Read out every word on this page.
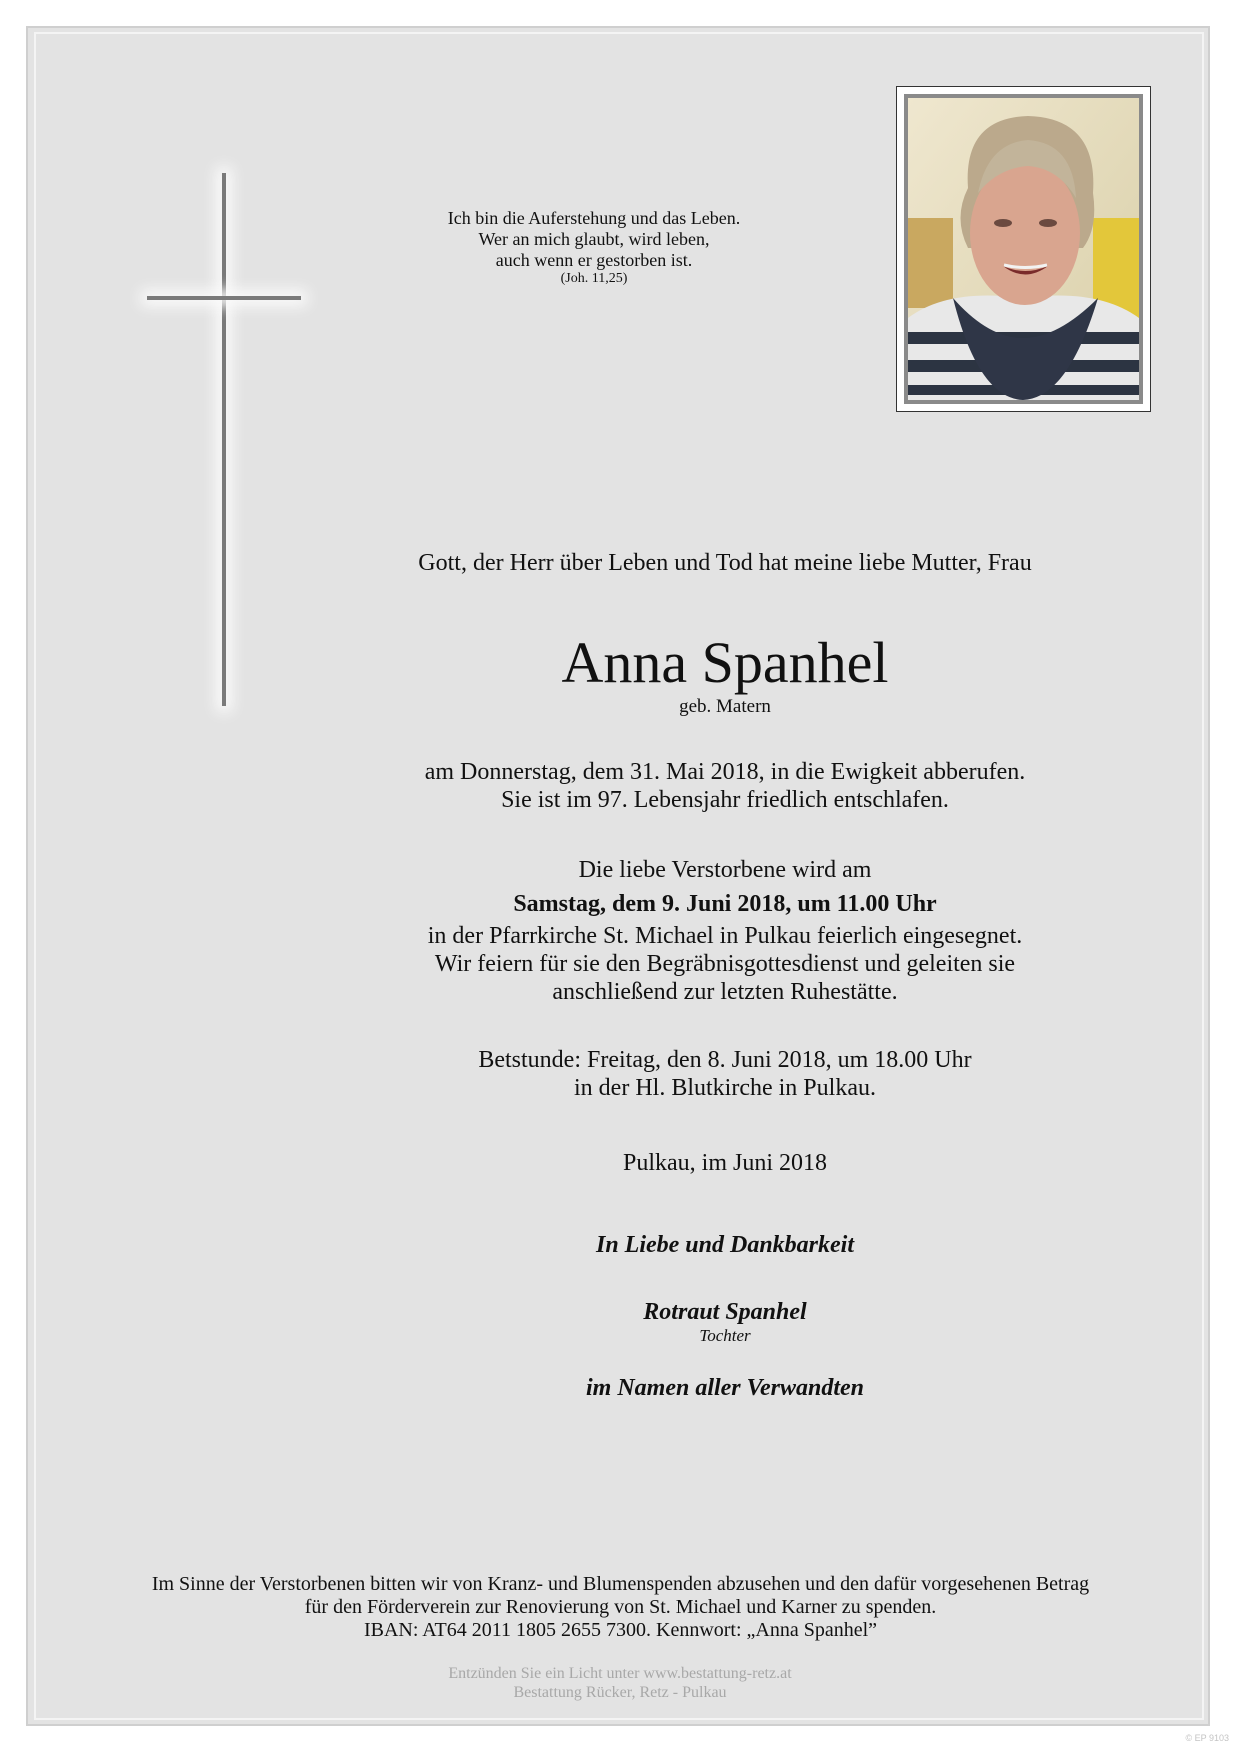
Ich bin die Auferstehung und das Leben.
Wer an mich glaubt, wird leben,
auch wenn er gestorben ist.
(Joh. 11,25)
Gott, der Herr über Leben und Tod hat meine liebe Mutter, Frau
Anna Spanhel
geb. Matern
am Donnerstag, dem 31. Mai 2018, in die Ewigkeit abberufen.
Sie ist im 97. Lebensjahr friedlich entschlafen.
Die liebe Verstorbene wird am
Samstag, dem 9. Juni 2018, um 11.00 Uhr
in der Pfarrkirche St. Michael in Pulkau feierlich eingesegnet.
Wir feiern für sie den Begräbnisgottesdienst und geleiten sie
anschließend zur letzten Ruhestätte.
Betstunde: Freitag, den 8. Juni 2018, um 18.00 Uhr
in der Hl. Blutkirche in Pulkau.
Pulkau, im Juni 2018
In Liebe und Dankbarkeit
Rotraut Spanhel
Tochter
im Namen aller Verwandten
Im Sinne der Verstorbenen bitten wir von Kranz- und Blumenspenden abzusehen und den dafür vorgesehenen Betrag
für den Förderverein zur Renovierung von St. Michael und Karner zu spenden.
IBAN: AT64 2011 1805 2655 7300. Kennwort: „Anna Spanhel”
Entzünden Sie ein Licht unter www.bestattung-retz.at
Bestattung Rücker, Retz - Pulkau
© EP 9103
